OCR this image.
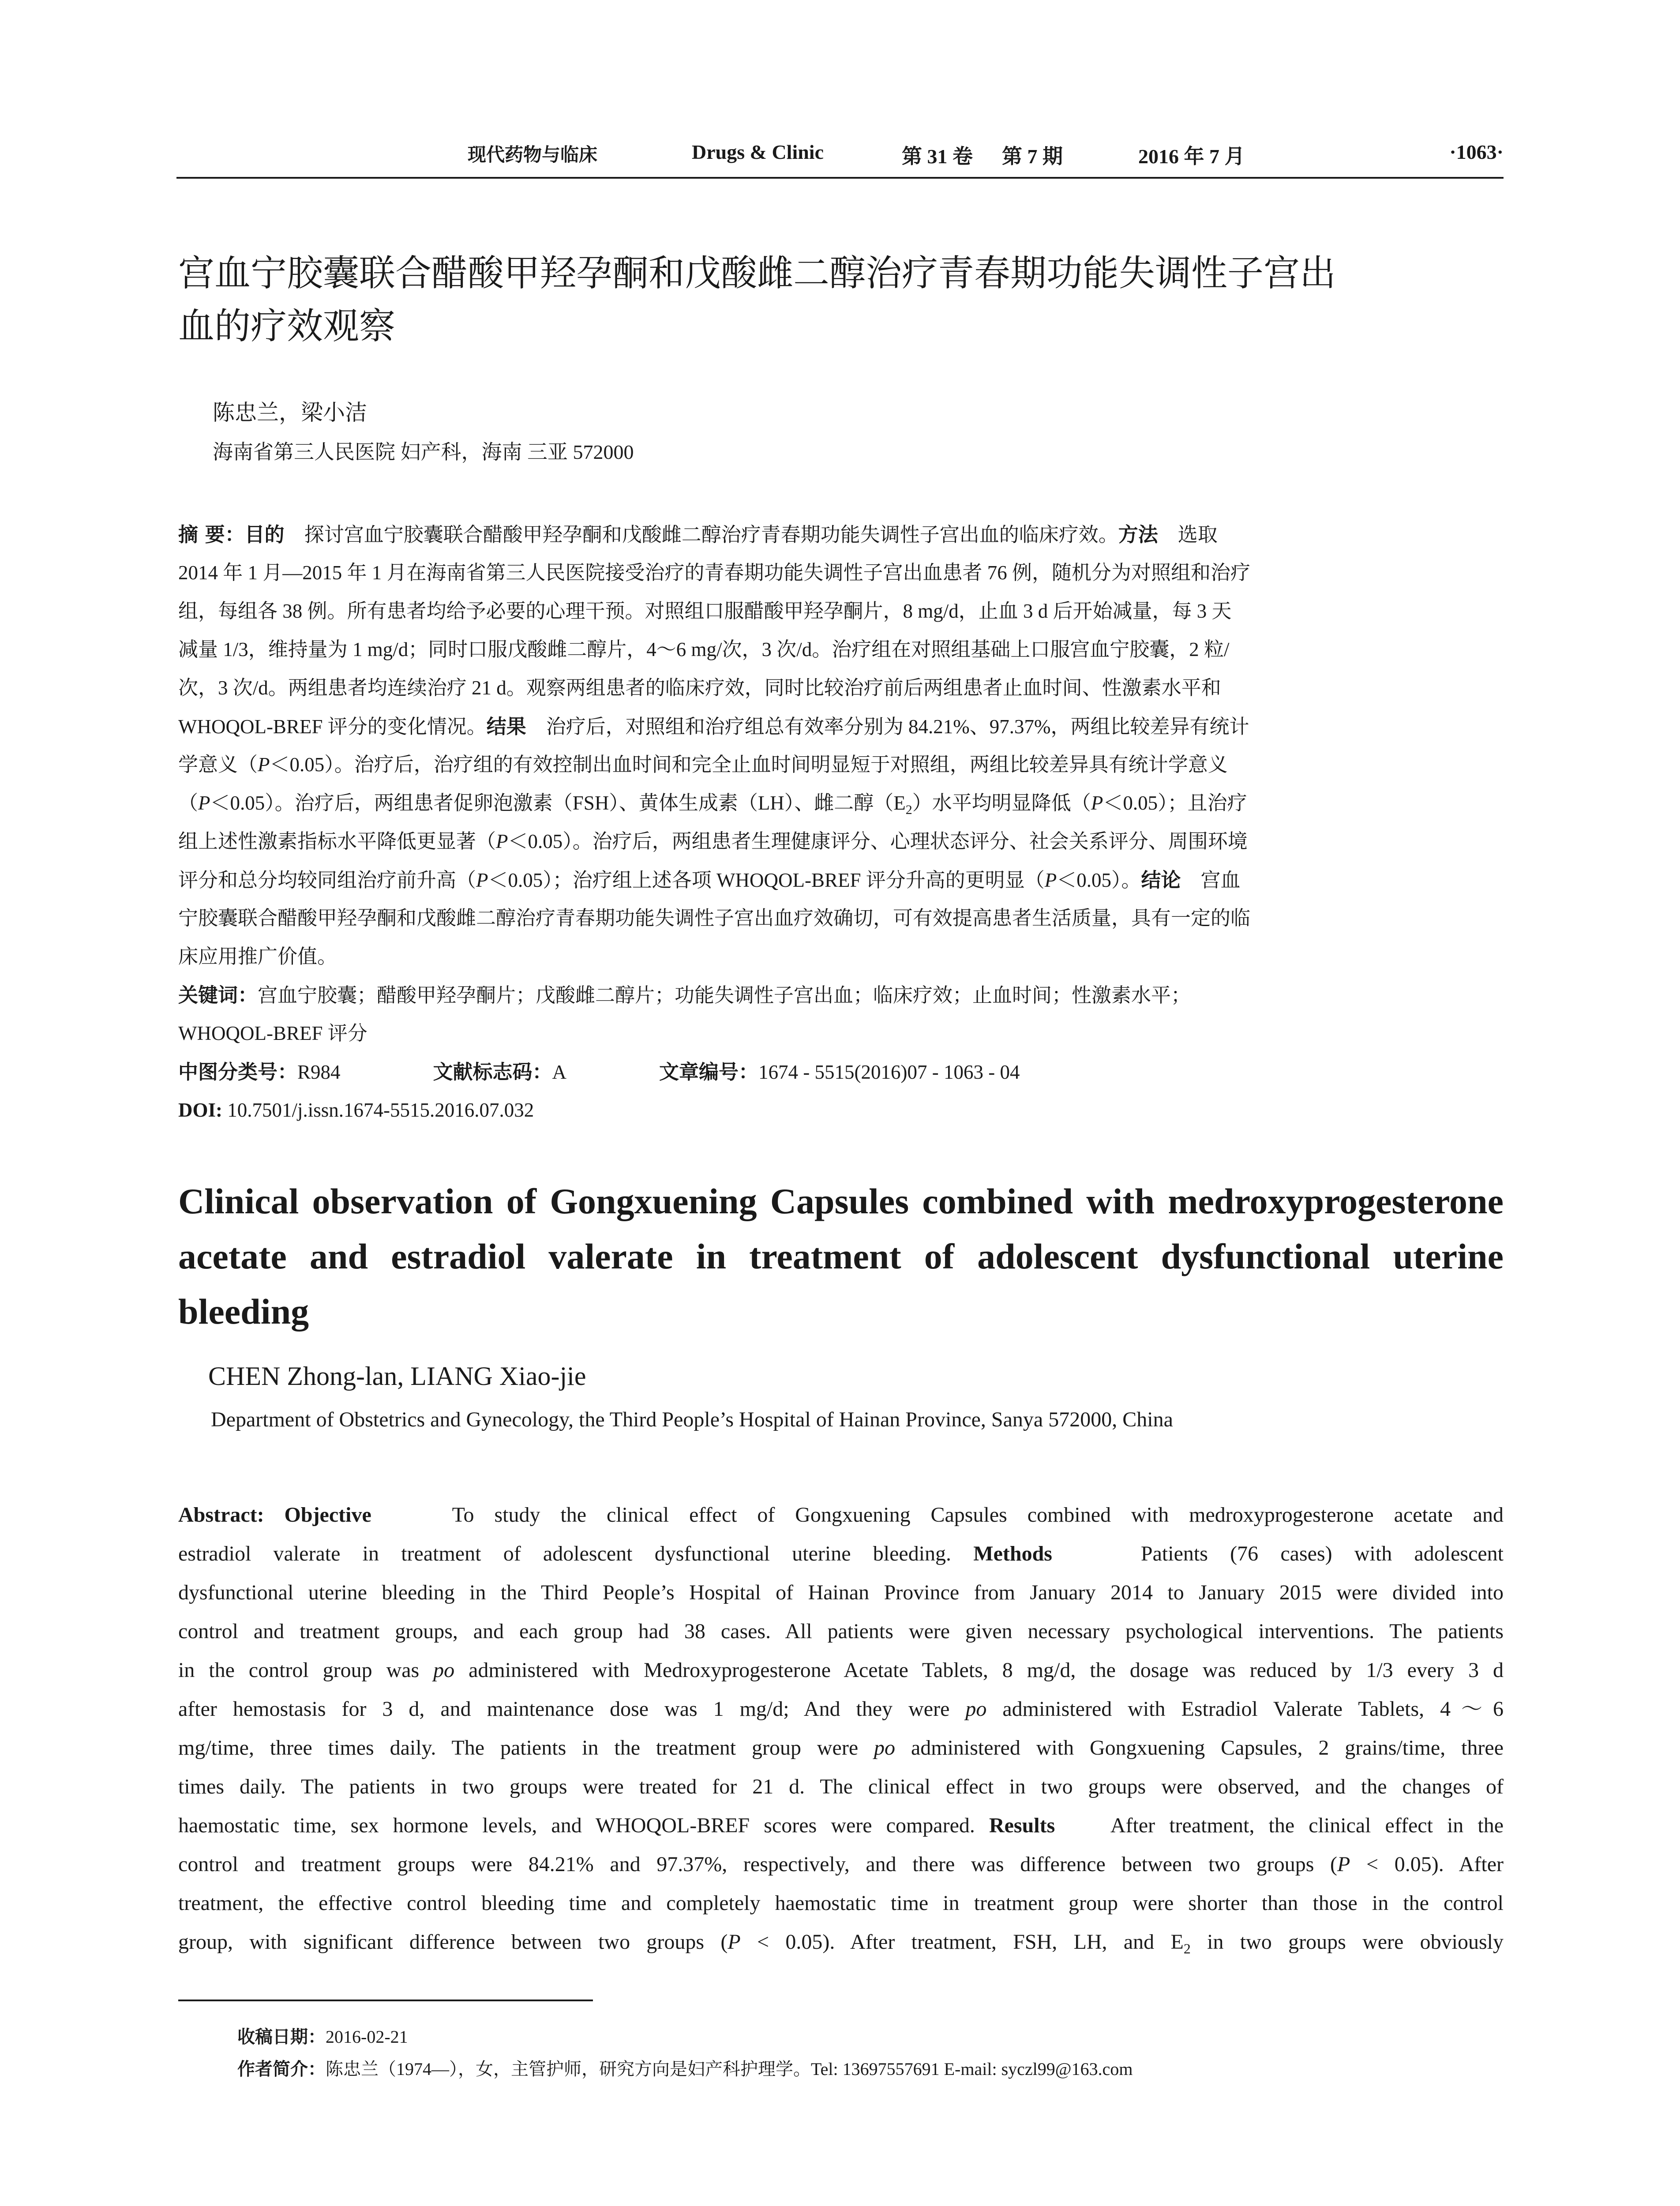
现代药物与临床	Drugs & Clinic	第 31 卷 第 7 期	2016 年 7 月	·1063·
宫血宁胶囊联合醋酸甲羟孕酮和戊酸雌二醇治疗青春期功能失调性子宫出
血的疗效观察
陈忠兰，梁小洁
海南省第三人民医院 妇产科，海南 三亚 572000
摘 要：目的 探讨宫血宁胶囊联合醋酸甲羟孕酮和戊酸雌二醇治疗青春期功能失调性子宫出血的临床疗效。方法 选取
2014 年 1 月—2015 年 1 月在海南省第三人民医院接受治疗的青春期功能失调性子宫出血患者 76 例，随机分为对照组和治疗
组，每组各 38 例。所有患者均给予必要的心理干预。对照组口服醋酸甲羟孕酮片，8 mg/d，止血 3 d 后开始减量，每 3 天
减量 1/3，维持量为 1 mg/d；同时口服戊酸雌二醇片，4～6 mg/次，3 次/d。治疗组在对照组基础上口服宫血宁胶囊，2 粒/
次，3 次/d。两组患者均连续治疗 21 d。观察两组患者的临床疗效，同时比较治疗前后两组患者止血时间、性激素水平和
WHOQOL-BREF 评分的变化情况。结果 治疗后，对照组和治疗组总有效率分别为 84.21%、97.37%，两组比较差异有统计
学意义（P＜0.05）。治疗后，治疗组的有效控制出血时间和完全止血时间明显短于对照组，两组比较差异具有统计学意义
（P＜0.05）。治疗后，两组患者促卵泡激素（FSH）、黄体生成素（LH）、雌二醇$(E_2)$水平均明显降低（P＜0.05）；且治疗
组上述性激素指标水平降低更显著（P＜0.05）。治疗后，两组患者生理健康评分、心理状态评分、社会关系评分、周围环境
评分和总分均较同组治疗前升高（P＜0.05）；治疗组上述各项 WHOQOL-BREF 评分升高的更明显（P＜0.05）。结论 宫血
宁胶囊联合醋酸甲羟孕酮和戊酸雌二醇治疗青春期功能失调性子宫出血疗效确切，可有效提高患者生活质量，具有一定的临
床应用推广价值。
关键词：宫血宁胶囊；醋酸甲羟孕酮片；戊酸雌二醇片；功能失调性子宫出血；临床疗效；止血时间；性激素水平；
WHOQOL-BREF 评分
中图分类号：R984	文献标志码：A	文章编号：1674 - 5515(2016)07 - 1063 - 04
DOI: 10.7501/j.issn.1674-5515.2016.07.032
Clinical observation of Gongxuening Capsules combined with medroxyprogesterone
acetate and estradiol valerate in treatment of adolescent dysfunctional uterine
bleeding
CHEN Zhong-lan, LIANG Xiao-jie
Department of Obstetrics and Gynecology, the Third People’s Hospital of Hainan Province, Sanya 572000, China
Abstract: Objective	To study the clinical effect of Gongxuening Capsules combined with medroxyprogesterone acetate and
estradiol valerate in treatment of adolescent dysfunctional uterine bleeding. Methods	Patients (76 cases) with adolescent
dysfunctional uterine bleeding in the Third People’s Hospital of Hainan Province from January 2014 to January 2015 were divided into
control and treatment groups, and each group had 38 cases. All patients were given necessary psychological interventions. The patients
in the control group was po administered with Medroxyprogesterone Acetate Tablets, 8 mg/d, the dosage was reduced by 1/3 every 3 d
after hemostasis for 3 d, and maintenance dose was 1 mg/d; And they were po administered with Estradiol Valerate Tablets, 4～6
mg/time, three times daily. The patients in the treatment group were po administered with Gongxuening Capsules, 2 grains/time, three
times daily. The patients in two groups were treated for 21 d. The clinical effect in two groups were observed, and the changes of
haemostatic time, sex hormone levels, and WHOQOL-BREF scores were compared. Results	After treatment, the clinical effect in the
control and treatment groups were 84.21% and 97.37%, respectively, and there was difference between two groups (P < 0.05). After
treatment, the effective control bleeding time and completely haemostatic time in treatment group were shorter than those in the control
group, with significant difference between two groups (P < 0.05). After treatment, FSH, LH, and $E_2$ in two groups were obviously
收稿日期：2016-02-21
作者简介：陈忠兰（1974—），女，主管护师，研究方向是妇产科护理学。Tel: 13697557691 E-mail: syczl99@163.com
